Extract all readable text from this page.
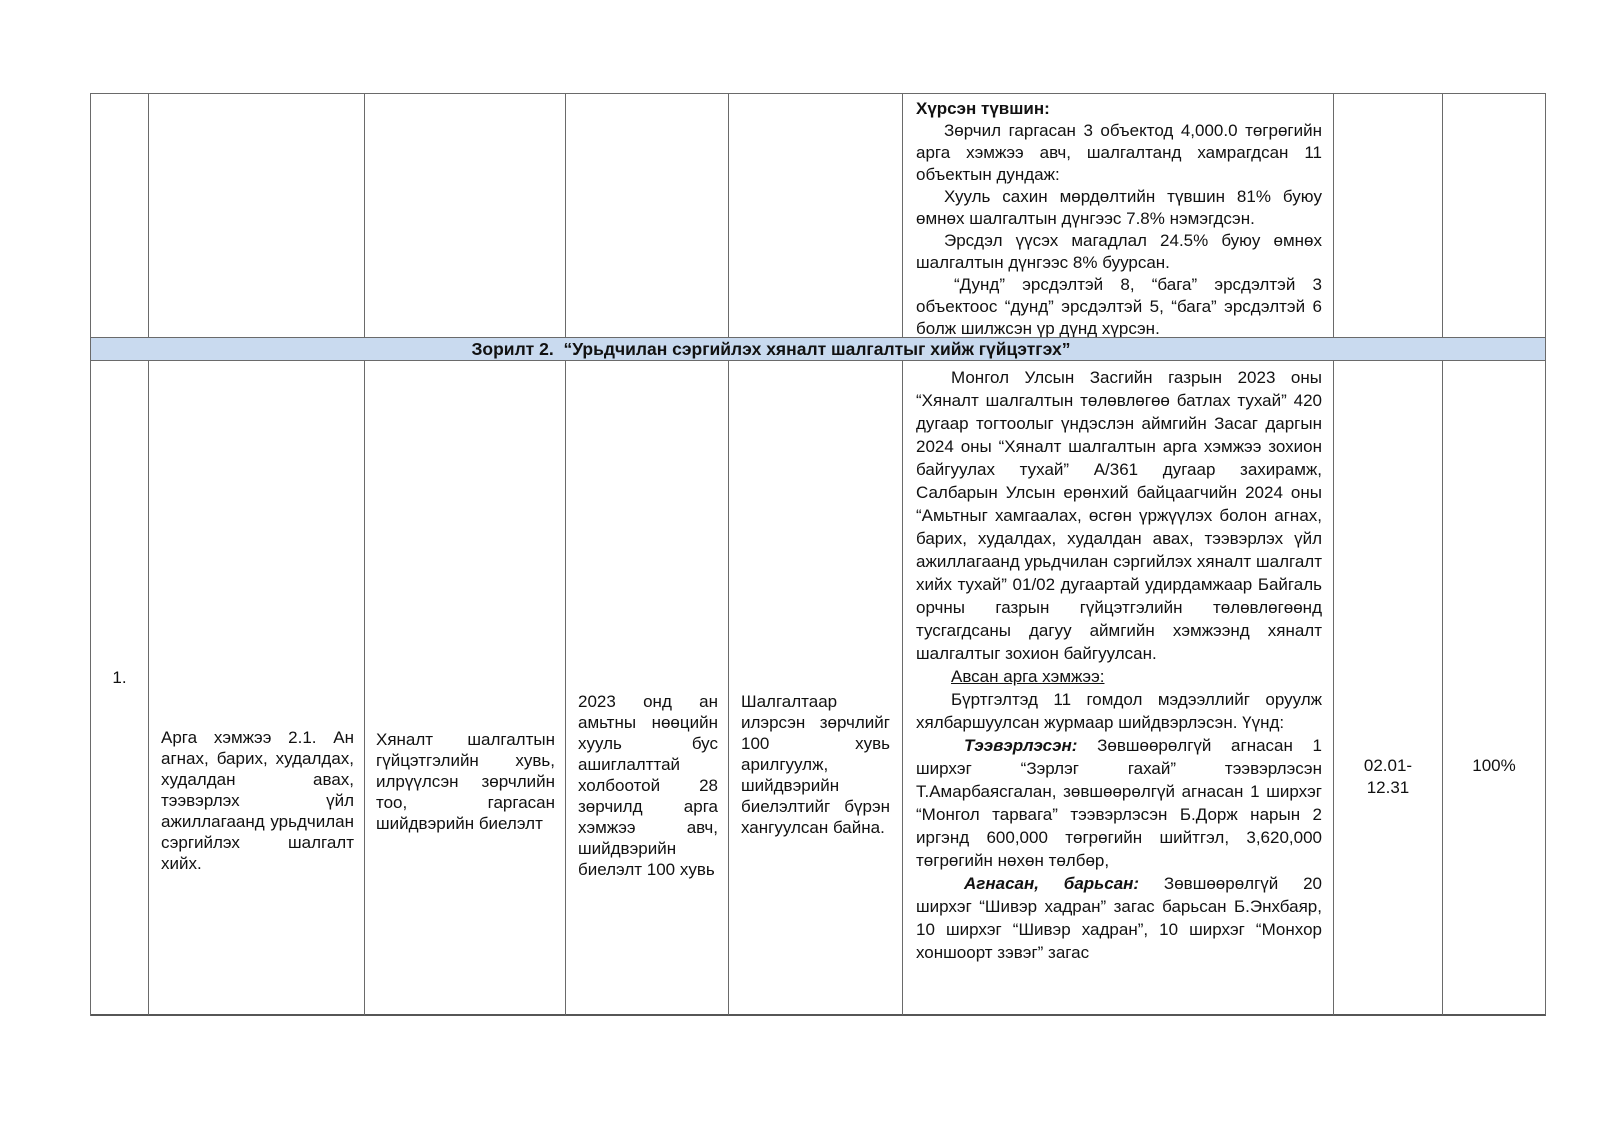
Хүрсэн түвшин:

Зөрчил гаргасан 3 объектод 4,000.0 төгрөгийн арга хэмжээ авч, шалгалтанд хамрагдсан 11 объектын дундаж:

Хууль сахин мөрдөлтийн түвшин 81% буюу өмнөх шалгалтын дүнгээс 7.8% нэмэгдсэн.

Эрсдэл үүсэх магадлал 24.5% буюу өмнөх шалгалтын дүнгээс 8% буурсан.

“Дунд” эрсдэлтэй 8, “бага” эрсдэлтэй 3 объектоос “дунд” эрсдэлтэй 5, “бага” эрсдэлтэй 6 болж шилжсэн үр дүнд хүрсэн.

Зорилт 2.  “Урьдчилан сэргийлэх хяналт шалгалтыг хийж гүйцэтгэх”
1.
Арга хэмжээ 2.1. Ан агнах, барих, худалдах, худалдан авах, тээвэрлэх үйл ажиллагаанд урьдчилан сэргийлэх шалгалт хийх.
Хяналт шалгалтын гүйцэтгэлийн хувь, илрүүлсэн зөрчлийн тоо, гаргасан шийдвэрийн биелэлт
2023 онд ан амьтны нөөцийн хууль бус ашиглалттай холбоотой 28 зөрчилд арга хэмжээ авч, шийдвэрийн биелэлт 100 хувь
Шалгалтаар илэрсэн зөрчлийг 100 хувь арилгуулж, шийдвэрийн биелэлтийг бүрэн хангуулсан байна.

Монгол Улсын Засгийн газрын 2023 оны “Хяналт шалгалтын төлөвлөгөө батлах тухай” 420 дугаар тогтоолыг үндэслэн аймгийн Засаг даргын 2024 оны “Хяналт шалгалтын арга хэмжээ зохион байгуулах тухай” А/361 дугаар захирамж, Салбарын Улсын ерөнхий байцаагчийн 2024 оны “Амьтныг хамгаалах, өсгөн үржүүлэх болон агнах, барих, худалдах, худалдан авах, тээвэрлэх үйл ажиллагаанд урьдчилан сэргийлэх хяналт шалгалт хийх тухай” 01/02 дугаартай удирдамжаар Байгаль орчны газрын гүйцэтгэлийн төлөвлөгөөнд тусгагдсаны дагуу аймгийн хэмжээнд хяналт шалгалтыг зохион байгуулсан.

Авсан арга хэмжээ:

Бүртгэлтэд 11 гомдол мэдээллийг оруулж хялбаршуулсан журмаар шийдвэрлэсэн. Үүнд:

Тээвэрлэсэн: Зөвшөөрөлгүй агнасан 1 ширхэг “Зэрлэг гахай” тээвэрлэсэн Т.Амарбаясгалан, зөвшөөрөлгүй агнасан 1 ширхэг “Монгол тарвага” тээвэрлэсэн Б.Дорж нарын 2 иргэнд 600,000 төгрөгийн шийтгэл, 3,620,000 төгрөгийн нөхөн төлбөр,

Агнасан, барьсан: Зөвшөөрөлгүй 20 ширхэг “Шивэр хадран” загас барьсан Б.Энхбаяр, 10 ширхэг “Шивэр хадран”, 10 ширхэг “Монхор хоншоорт зэвэг” загас

02.01-
12.31
100%
